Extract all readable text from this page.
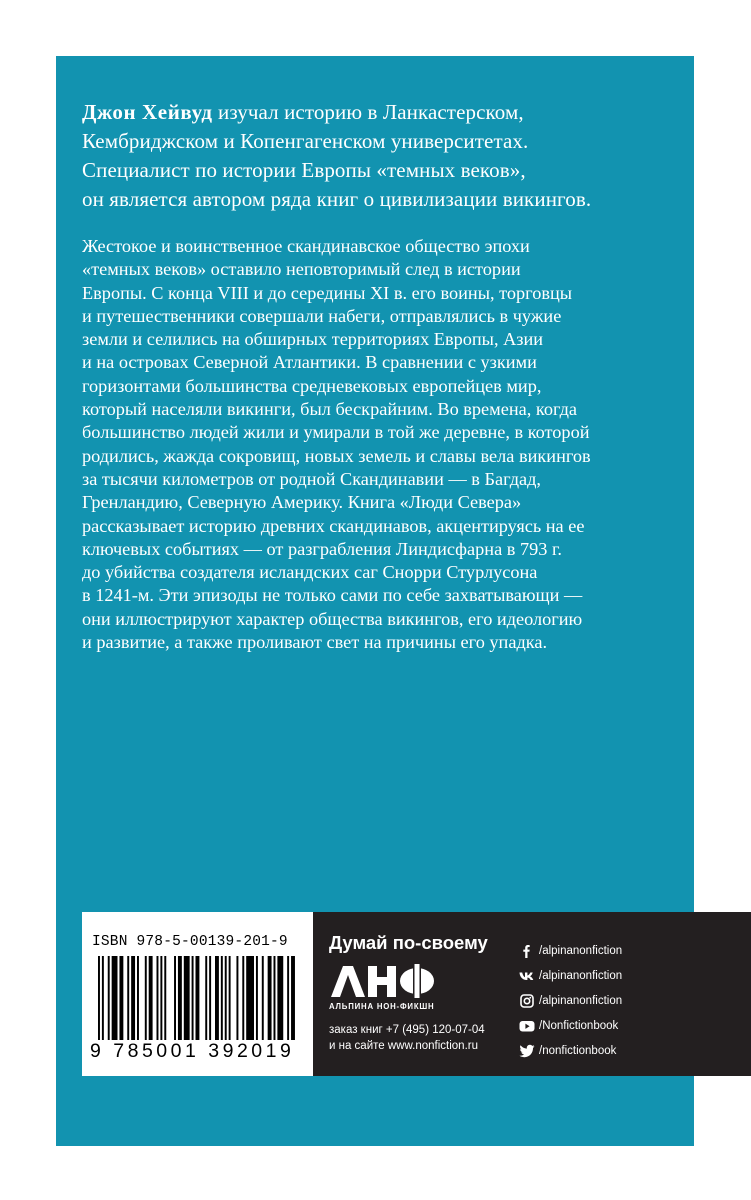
Джон Хейвуд изучал историю в Ланкастерском,

Кембриджском и Копенгагенском университетах.

Специалист по истории Европы «темных веков»,

он является автором ряда книг о цивилизации викингов.

Жестокое и воинственное скандинавское общество эпохи

«темных веков» оставило неповторимый след в истории

Европы. С конца VIII и до середины XI в. его воины, торговцы

и путешественники совершали набеги, отправлялись в чужие

земли и селились на обширных территориях Европы, Азии

и на островах Северной Атлантики. В сравнении с узкими

горизонтами большинства средневековых европейцев мир,

который населяли викинги, был бескрайним. Во времена, когда

большинство людей жили и умирали в той же деревне, в которой

родились, жажда сокровищ, новых земель и славы вела викингов

за тысячи километров от родной Скандинавии — в Багдад,

Гренландию, Северную Америку. Книга «Люди Севера»

рассказывает историю древних скандинавов, акцентируясь на ее

ключевых событиях — от разграбления Линдисфарна в 793 г.

до убийства создателя исландских саг Снорри Стурлусона

в 1241-м. Эти эпизоды не только сами по себе захватывающи —

они иллюстрируют характер общества викингов, его идеологию

и развитие, а также проливают свет на причины его упадка.

ISBN 978-5-00139-201-9
9 785001 392019
Думай по-своему
АЛЬПИНА НОН-ФИКШН
заказ книг +7 (495) 120-07-04
и на сайте www.nonfiction.ru
/alpinanonfiction
/alpinanonfiction
/alpinanonfiction
/Nonfictionbook
/nonfictionbook
